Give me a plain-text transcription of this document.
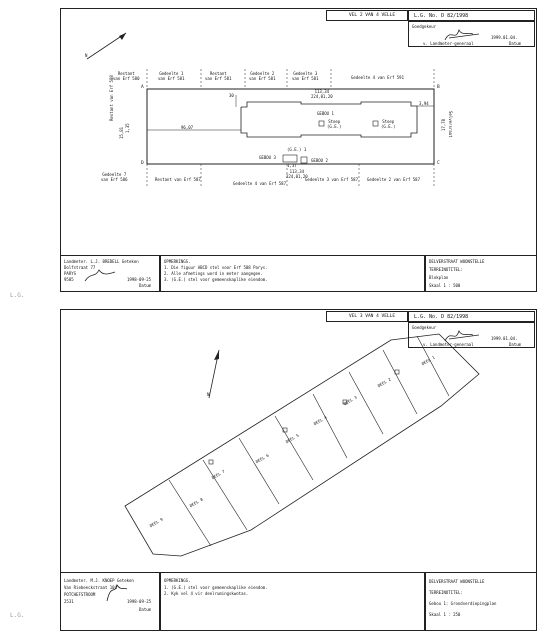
L.G.
L.G.
VEL 2 VAN 4 VELLE	L.G. No. D 82/1998
Goedgekeur
1999.01.04.
v. Landmeter-generaal	Datum
N
Restant
van Erf 580
Gedeelte 1
van Erf 581
Restant
van Erf 581
Gedeelte 2
van Erf 581
Gedeelte 3
van Erf 581	Gedeelte 4 van Erf 591
Gedeelte 7
van Erf 586	Restant van Erf 587
Gedeelte 4 van Erf 587
Gedeelte 3 van Erf 587 Gedeelte 2 van Erf 587
Restant van Erf 588
Selversraat
A	B
C
D
113,34
224,01,20
113,34
224,01,20
96,07
30
3,94
1,37
17,78
15,81 1,35
GEBOU 1
Stoep
(G.E.)
Stoep
(G.E.)
GEBOU 3
(G.E.) 1
GEBOU 2
Landmeter. L.J. BREDELL Geteken
Dolfstraat 77
PARYS
9585	1998-09-25
Datum
OPMERKINGS.
1. Die figuur ABCD stel voor Erf 588 Parys.
2. Alle afmetings word in meter aangegee.
3. (G.E.) stel voor gemeenskaplike eiendom.
DELVERSTRAAT WOONSTELLE
TERREINOTITEL:
Blokplan
Skaal 1 : 500
VEL 3 VAN 4 VELLE	L.G. No. D 82/1998
Goedgekeur
1999.01.04.
v. Landmeter-generaal	Datum
N
DEEL 1
DEEL 2
DEEL 3
DEEL 4
DEEL 5
DEEL 6
DEEL 7
DEEL 8
DEEL 9
Landmeter. M.J. KNOEP Geteken
Van Riebeeckstraat 104
POTCHEFSTROOM
2531	1998-09-25
Datum
OPMERKINGS.
1. (G.E.) stel voor gemeenskaplike eiendom.
2. Kyk vel 4 vir deelrumingskwotas.
DELVERSTRAAT WOONSTELLE
TERREINOTITEL:
Gebou 1: Grondverdiepingplan
Skaal 1 : 250
